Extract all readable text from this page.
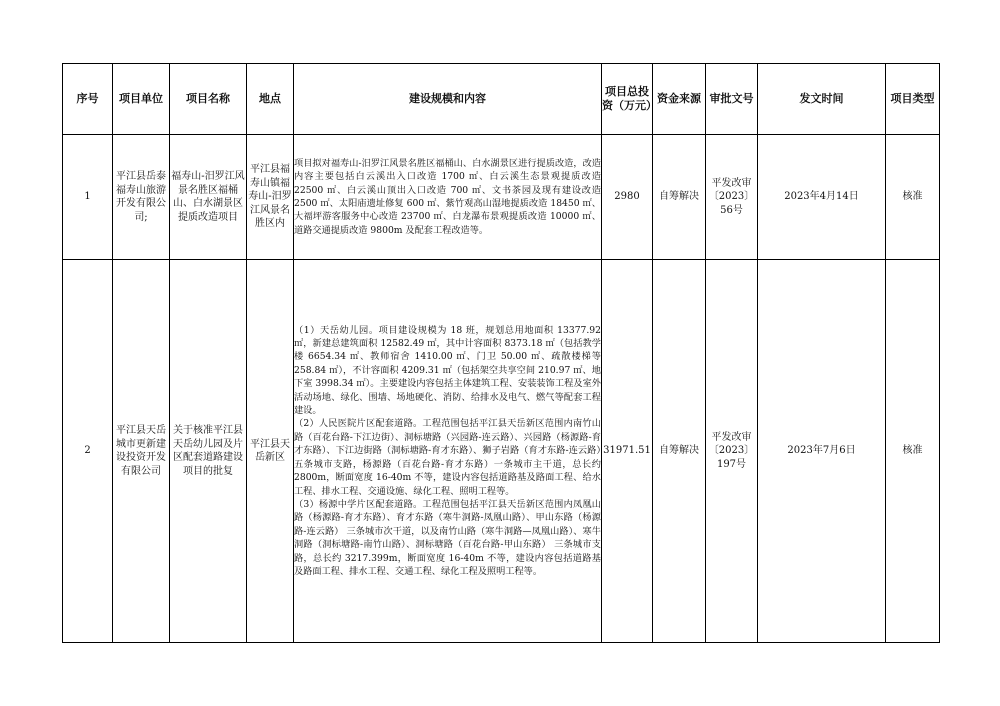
序号	项目单位	项目名称	地点	建设规模和内容	项目总投资（万元）	资金来源	审批文号	发文时间	项目类型
1	平江县岳泰福寿山旅游开发有限公司;	福寿山-汨罗江风景名胜区福桶山、白水湖景区提质改造项目	平江县福寿山镇福寿山-汨罗江风景名胜区内	项目拟对福寿山-汨罗江风景名胜区福桶山、白水湖景区进行提质改造，改造内容主要包括白云溪出入口改造 1700 ㎡、白云溪生态景观提质改造 22500 ㎡、白云溪山顶出入口改造 700 ㎡、文书茶园及现有建设改造 2500 ㎡、太阳庙遗址修复 600 ㎡、紫竹观高山湿地提质改造 18450 ㎡、大福坪游客服务中心改造 23700 ㎡、白龙瀑布景观提质改造 10000 ㎡、道路交通提质改造 9800m 及配套工程改造等。	2980	自筹解决	平发改审〔2023〕56号	2023年4月14日	核准
2	平江县天岳城市更新建设投资开发有限公司	关于核准平江县天岳幼儿园及片区配套道路建设项目的批复	平江县天岳新区	（1）天岳幼儿园。项目建设规模为 18 班，规划总用地面积 13377.92 ㎡，新建总建筑面积 12582.49 ㎡，其中计容面积 8373.18 ㎡（包括教学楼 6654.34 ㎡、教师宿舍 1410.00 ㎡、门卫 50.00 ㎡、疏散楼梯等 258.84 ㎡），不计容面积 4209.31 ㎡（包括架空共享空间 210.97 ㎡、地下室 3998.34 ㎡）。主要建设内容包括主体建筑工程、安装装饰工程及室外活动场地、绿化、围墙、场地硬化、消防、给排水及电气、燃气等配套工程建设。

（2）人民医院片区配套道路。工程范围包括平江县天岳新区范围内南竹山路（百花台路-下江边街）、洞标塘路（兴园路-连云路）、兴园路（杨源路-育才东路）、下江边街路（洞标塘路-育才东路）、狮子岩路（育才东路-连云路）五条城市支路，杨源路（百花台路-育才东路）一条城市主干道，总长约 2800m，断面宽度 16-40m 不等，建设内容包括道路基及路面工程、给水工程、排水工程、交通设施、绿化工程、照明工程等。

（3）杨源中学片区配套道路。工程范围包括平江县天岳新区范围内凤凰山路（杨源路-育才东路）、育才东路（寒牛洞路-凤凰山路）、甲山东路（杨源路-连云路） 三条城市次干道，以及南竹山路（寒牛洞路—凤凰山路）、寒牛洞路（洞标塘路-南竹山路）、洞标塘路（百花台路-甲山东路） 三条城市支路，总长约 3217.399m，断面宽度 16-40m 不等，建设内容包括道路基及路面工程、排水工程、交通工程、绿化工程及照明工程等。	31971.51	自筹解决	平发改审〔2023〕197号	2023年7月6日	核准
